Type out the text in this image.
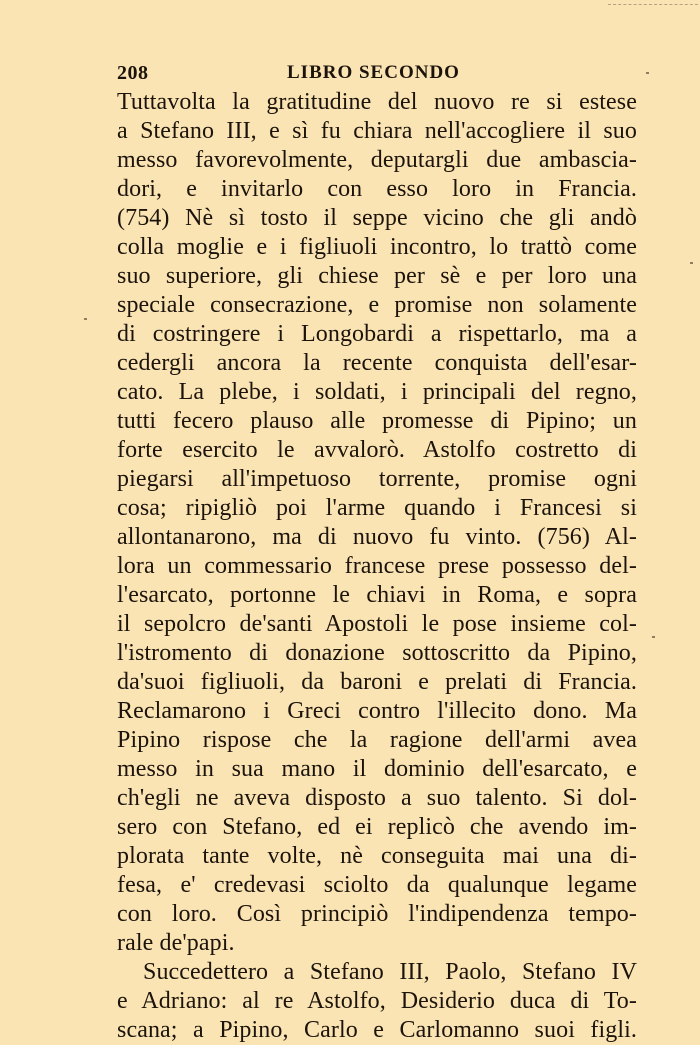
208	LIBRO SECONDO
Tuttavolta la gratitudine del nuovo re si estese
a Stefano III, e sì fu chiara nell'accogliere il suo
messo favorevolmente, deputargli due ambascia-
dori, e invitarlo con esso loro in Francia.
(754) Nè sì tosto il seppe vicino che gli andò
colla moglie e i figliuoli incontro, lo trattò come
suo superiore, gli chiese per sè e per loro una
speciale consecrazione, e promise non solamente
di costringere i Longobardi a rispettarlo, ma a
cedergli ancora la recente conquista dell'esar-
cato. La plebe, i soldati, i principali del regno,
tutti fecero plauso alle promesse di Pipino; un
forte esercito le avvalorò. Astolfo costretto di
piegarsi all'impetuoso torrente, promise ogni
cosa; ripigliò poi l'arme quando i Francesi si
allontanarono, ma di nuovo fu vinto. (756) Al-
lora un commessario francese prese possesso del-
l'esarcato, portonne le chiavi in Roma, e sopra
il sepolcro de'santi Apostoli le pose insieme col-
l'istromento di donazione sottoscritto da Pipino,
da'suoi figliuoli, da baroni e prelati di Francia.
Reclamarono i Greci contro l'illecito dono. Ma
Pipino rispose che la ragione dell'armi avea
messo in sua mano il dominio dell'esarcato, e
ch'egli ne aveva disposto a suo talento. Si dol-
sero con Stefano, ed ei replicò che avendo im-
plorata tante volte, nè conseguita mai una di-
fesa, e' credevasi sciolto da qualunque legame
con loro. Così principiò l'indipendenza tempo-
rale de'papi.
Succedettero a Stefano III, Paolo, Stefano IV
e Adriano: al re Astolfo, Desiderio duca di To-
scana; a Pipino, Carlo e Carlomanno suoi figli.
